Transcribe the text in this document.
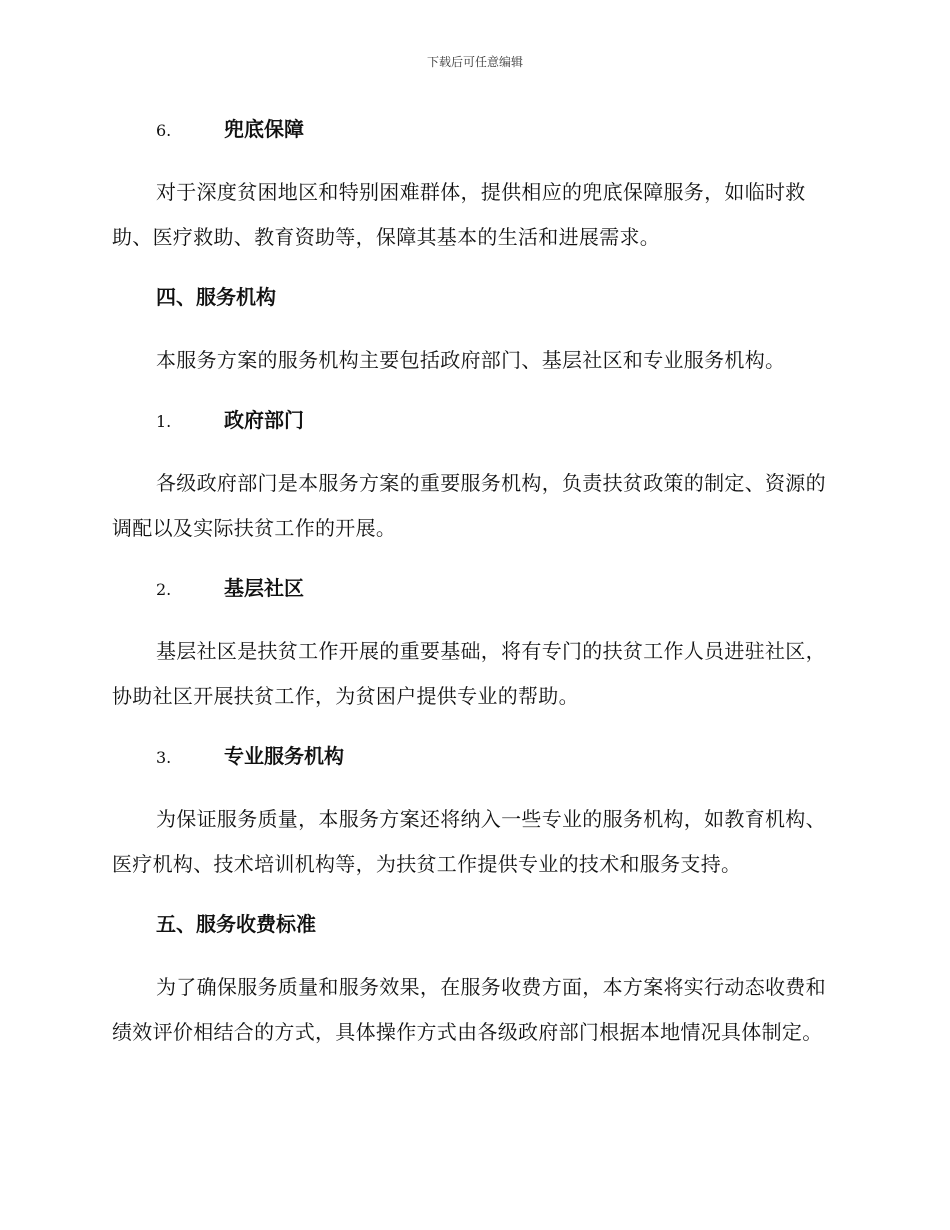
下载后可任意编辑
6.	兜底保障

对于深度贫困地区和特别困难群体，提供相应的兜底保障服务，如临时救助、医疗救助、教育资助等，保障其基本的生活和进展需求。

四、服务机构

本服务方案的服务机构主要包括政府部门、基层社区和专业服务机构。

1.	政府部门

各级政府部门是本服务方案的重要服务机构，负责扶贫政策的制定、资源的调配以及实际扶贫工作的开展。

2.	基层社区

基层社区是扶贫工作开展的重要基础，将有专门的扶贫工作人员进驻社区，协助社区开展扶贫工作，为贫困户提供专业的帮助。

3.	专业服务机构

为保证服务质量，本服务方案还将纳入一些专业的服务机构，如教育机构、医疗机构、技术培训机构等，为扶贫工作提供专业的技术和服务支持。

五、服务收费标准

为了确保服务质量和服务效果，在服务收费方面，本方案将实行动态收费和绩效评价相结合的方式，具体操作方式由各级政府部门根据本地情况具体制定。
